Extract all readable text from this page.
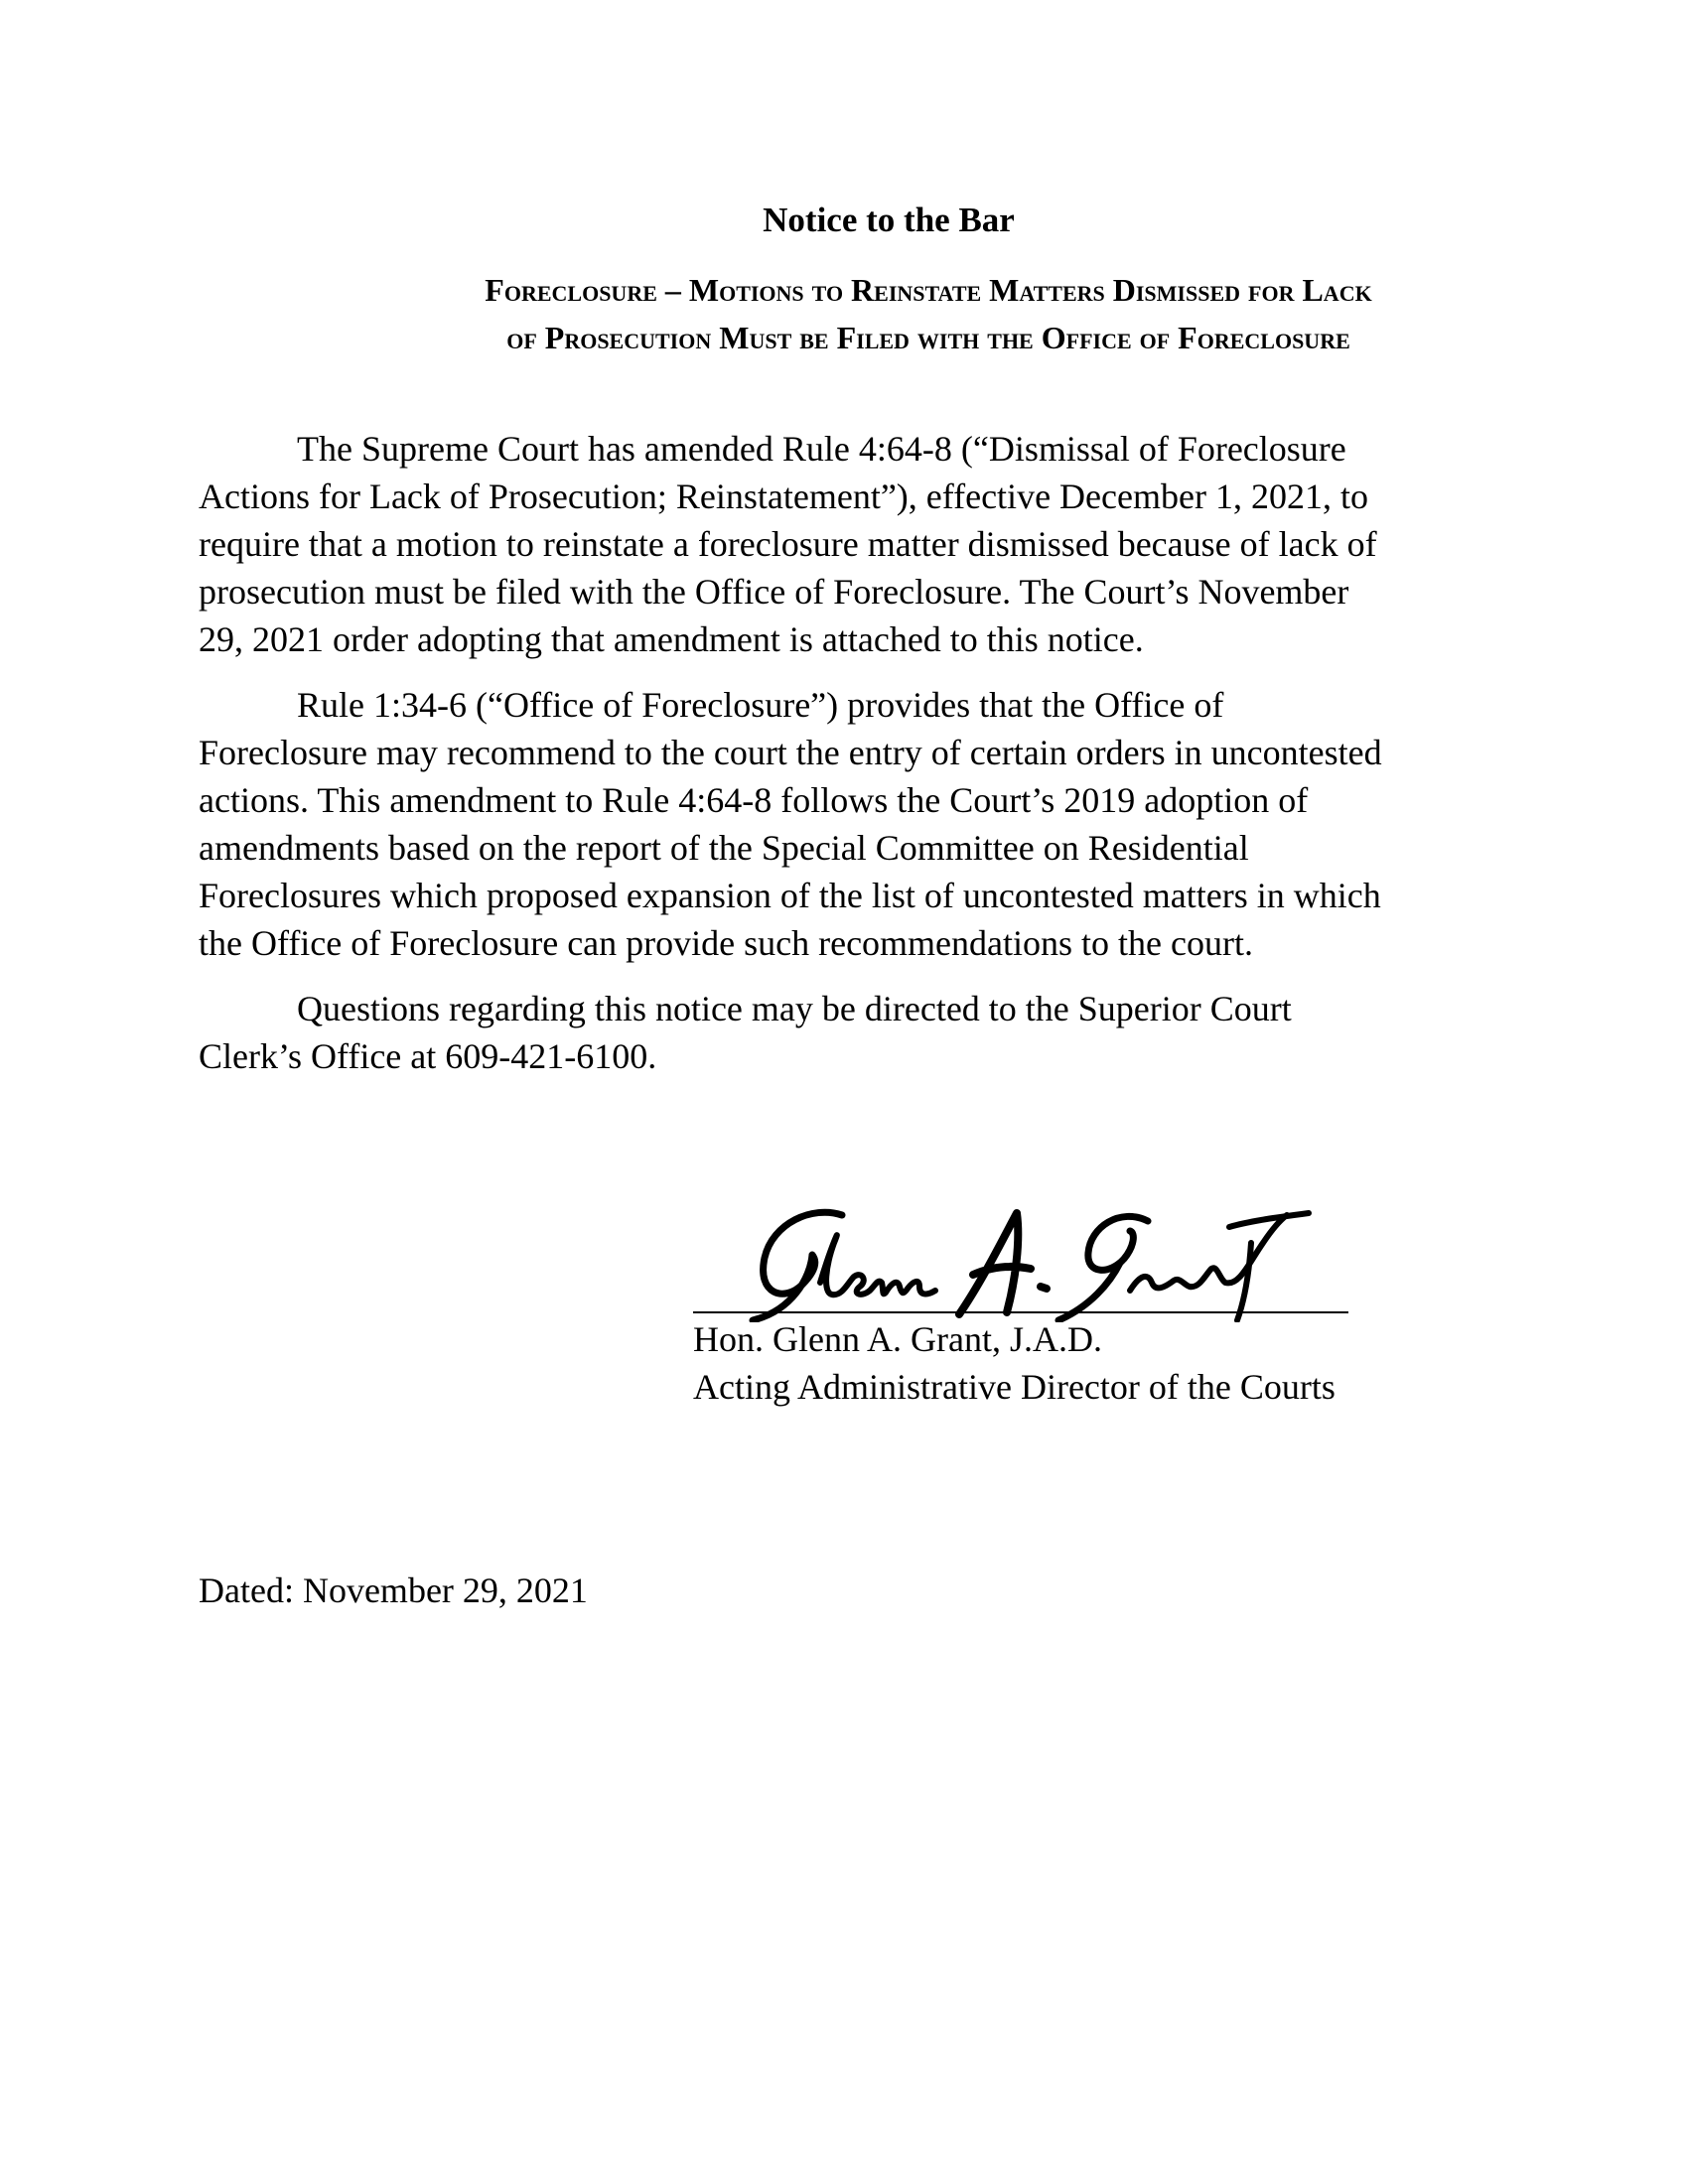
Notice to the Bar
Foreclosure – Motions to Reinstate Matters Dismissed for Lack
of Prosecution Must be Filed with the Office of Foreclosure

The Supreme Court has amended Rule 4:64-8 (“Dismissal of Foreclosure
Actions for Lack of Prosecution; Reinstatement”), effective December 1, 2021, to
require that a motion to reinstate a foreclosure matter dismissed because of lack of
prosecution must be filed with the Office of Foreclosure. The Court’s November
29, 2021 order adopting that amendment is attached to this notice.

Rule 1:34-6 (“Office of Foreclosure”) provides that the Office of
Foreclosure may recommend to the court the entry of certain orders in uncontested
actions. This amendment to Rule 4:64-8 follows the Court’s 2019 adoption of
amendments based on the report of the Special Committee on Residential
Foreclosures which proposed expansion of the list of uncontested matters in which
the Office of Foreclosure can provide such recommendations to the court.

Questions regarding this notice may be directed to the Superior Court
Clerk’s Office at 609-421-6100.

Hon. Glenn A. Grant, J.A.D.
Acting Administrative Director of the Courts
Dated: November 29, 2021
